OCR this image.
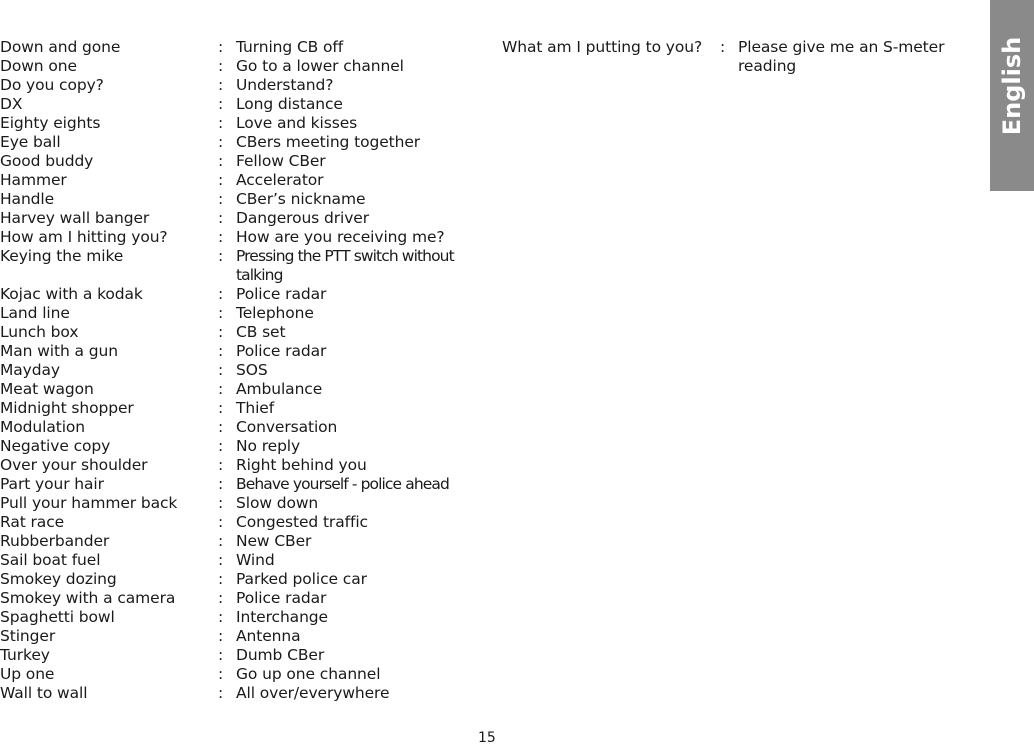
Down and gone	: Turning CB off
Down one	: Go to a lower channel
Do you copy?	: Understand?
DX	: Long distance
Eighty eights	: Love and kisses
Eye ball	: CBers meeting together
Good buddy	: Fellow CBer
Hammer	: Accelerator
Handle	: CBer’s nickname
Harvey wall banger	: Dangerous driver
How am I hitting you?	: How are you receiving me?
Keying the mike	: Pressing the PTT switch without talking
Kojac with a kodak	: Police radar
Land line	: Telephone
Lunch box	: CB set
Man with a gun	: Police radar
Mayday	: SOS
Meat wagon	: Ambulance
Midnight shopper	: Thief
Modulation	: Conversation
Negative copy	: No reply
Over your shoulder	: Right behind you
Part your hair	: Behave yourself - police ahead
Pull your hammer back	: Slow down
Rat race	: Congested traffic
Rubberbander	: New CBer
Sail boat fuel	: Wind
Smokey dozing	: Parked police car
Smokey with a camera	: Police radar
Spaghetti bowl	: Interchange
Stinger	: Antenna
Turkey	: Dumb CBer
Up one	: Go up one channel
Wall to wall	: All over/everywhere
What am I putting to you?	: Please give me an S-meter reading	English
15
